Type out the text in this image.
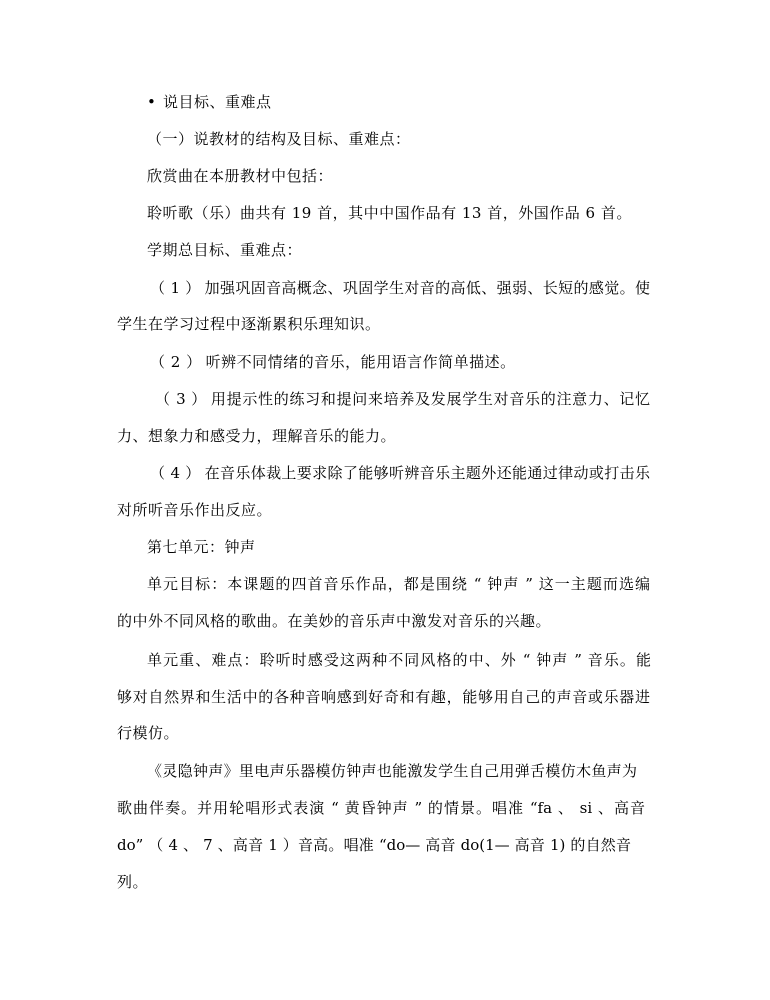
• 说目标、重难点
（一）说教材的结构及目标、重难点：
欣赏曲在本册教材中包括：
聆听歌（乐）曲共有 19 首，其中中国作品有 13 首，外国作品 6 首。
学期总目标、重难点：
（ 1 ） 加强巩固音高概念、巩固学生对音的高低、强弱、长短的感觉。使
学生在学习过程中逐渐累积乐理知识。
（ 2 ） 听辨不同情绪的音乐，能用语言作简单描述。
（ 3 ） 用提示性的练习和提问来培养及发展学生对音乐的注意力、记忆
力、想象力和感受力，理解音乐的能力。
（ 4 ） 在音乐体裁上要求除了能够听辨音乐主题外还能通过律动或打击乐
对所听音乐作出反应。
第七单元：钟声
单元目标：本课题的四首音乐作品，都是围绕 “ 钟声 ” 这一主题而选编
的中外不同风格的歌曲。在美妙的音乐声中激发对音乐的兴趣。
单元重、难点：聆听时感受这两种不同风格的中、外 “ 钟声 ” 音乐。能
够对自然界和生活中的各种音响感到好奇和有趣，能够用自己的声音或乐器进
行模仿。
《灵隐钟声》里电声乐器模仿钟声也能激发学生自己用弹舌模仿木鱼声为
歌曲伴奏。并用轮唱形式表演 “ 黄昏钟声 ” 的情景。唱准 “fa 、 si 、高音
do” （ 4 、 7 、高音 1 ）音高。唱准 “do— 高音 do(1— 高音 1) 的自然音
列。
